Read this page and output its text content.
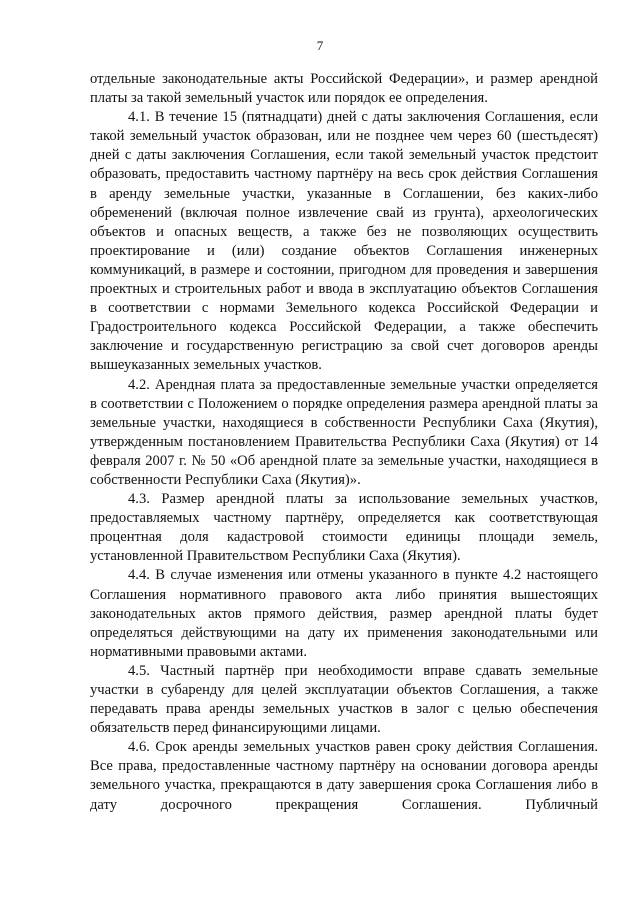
7

отдельные законодательные акты Российской Федерации», и размер арендной платы за такой земельный участок или порядок ее определения.

4.1. В течение 15 (пятнадцати) дней с даты заключения Соглашения, если такой земельный участок образован, или не позднее чем через 60 (шестьдесят) дней с даты заключения Соглашения, если такой земельный участок предстоит образовать, предоставить частному партнёру на весь срок действия Соглашения в аренду земельные участки, указанные в Соглашении, без каких-либо обременений (включая полное извлечение свай из грунта), археологических объектов и опасных веществ, а также без не позволяющих осуществить проектирование и (или) создание объектов Соглашения инженерных коммуникаций, в размере и состоянии, пригодном для проведения и завершения проектных и строительных работ и ввода в эксплуатацию объектов Соглашения в соответствии с нормами Земельного кодекса Российской Федерации и Градостроительного кодекса Российской Федерации, а также обеспечить заключение и государственную регистрацию за свой счет договоров аренды вышеуказанных земельных участков.

4.2. Арендная плата за предоставленные земельные участки определяется в соответствии с Положением о порядке определения размера арендной платы за земельные участки, находящиеся в собственности Республики Саха (Якутия), утвержденным постановлением Правительства Республики Саха (Якутия) от 14 февраля 2007 г. № 50 «Об арендной плате за земельные участки, находящиеся в собственности Республики Саха (Якутия)».

4.3. Размер арендной платы за использование земельных участков, предоставляемых частному партнёру, определяется как соответствующая процентная доля кадастровой стоимости единицы площади земель, установленной Правительством Республики Саха (Якутия).

4.4. В случае изменения или отмены указанного в пункте 4.2 настоящего Соглашения нормативного правового акта либо принятия вышестоящих законодательных актов прямого действия, размер арендной платы будет определяться действующими на дату их применения законодательными или нормативными правовыми актами.

4.5. Частный партнёр при необходимости вправе сдавать земельные участки в субаренду для целей эксплуатации объектов Соглашения, а также передавать права аренды земельных участков в залог с целью обеспечения обязательств перед финансирующими лицами.

4.6. Срок аренды земельных участков равен сроку действия Соглашения. Все права, предоставленные частному партнёру на основании договора аренды земельного участка, прекращаются в дату завершения срока Соглашения либо в дату досрочного прекращения Соглашения. Публичный
